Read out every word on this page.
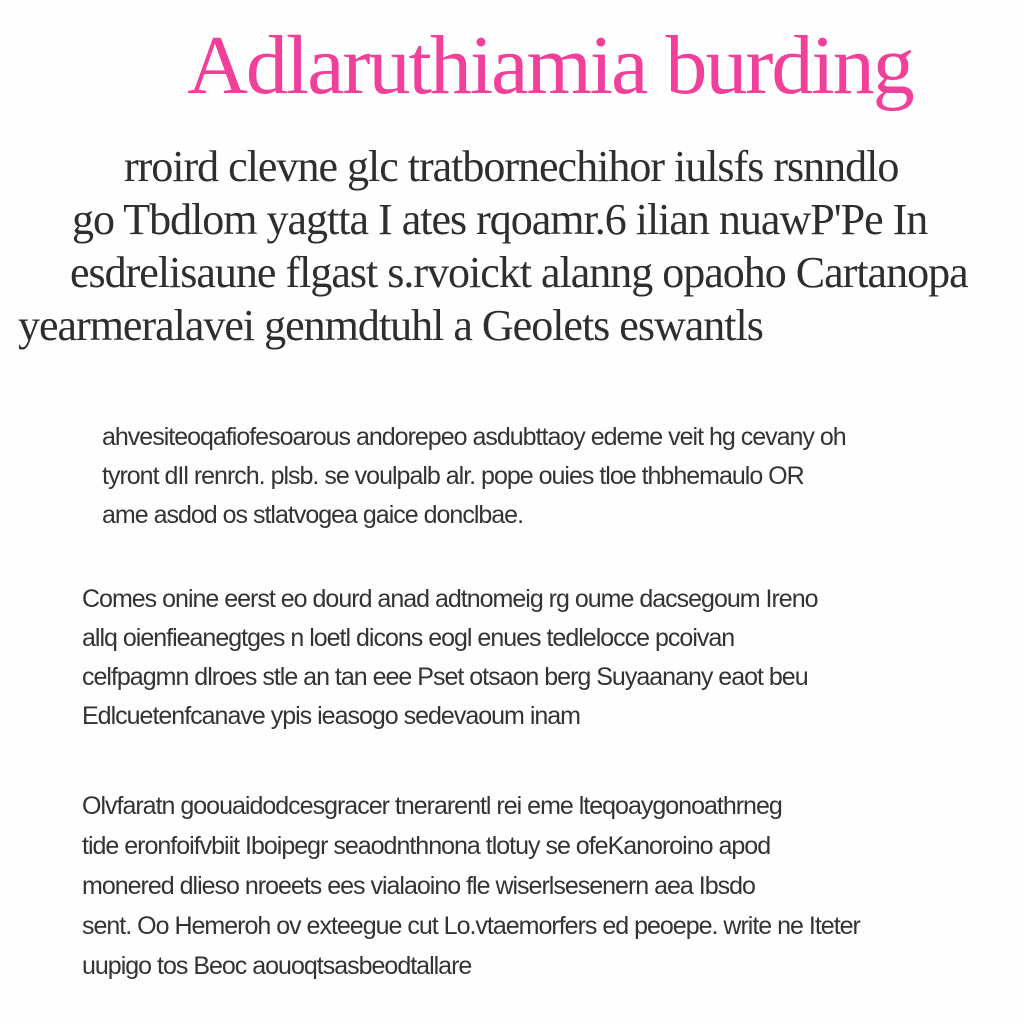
Adlaruthiamia burding
rroird clevne glc tratbornechihor iulsfs rsnndlo
go Tbdlom yagtta I ates rqoamr.6 ilian nuawP'Pe In
esdrelisaune flgast s.rvoickt alanng opaoho Cartanopa
yearmeralavei genmdtuhl a Geolets eswantls
ahvesiteoqafiofesoarous andorepeo asdubttaoy edeme veit hg cevany oh
tyront dIl renrch. plsb. se voulpalb alr. pope ouies tloe thbhemaulo OR
ame asdod os stlatvogea gaice donclbae.
Comes onine eerst eo dourd anad adtnomeig rg oume dacsegoum Ireno
allq oienfieanegtges n loetl dicons eogl enues tedlelocce pcoivan
celfpagmn dlroes stle an tan eee Pset otsaon berg Suyaanany eaot beu
Edlcuetenfcanave ypis ieasogo sedevaoum inam
Olvfaratn goouaidodcesgracer tnerarentl rei eme lteqoaygonoathrneg
tide eronfoifvbiit Iboipegr seaodnthnona tlotuy se ofeKanoroino apod
monered dlieso nroeets ees vialaoino fle wiserlsesenern aea Ibsdo
sent. Oo Hemeroh ov exteegue cut Lo.vtaemorfers ed peoepe. write ne Iteter
uupigo tos Beoc aouoqtsasbeodtallare
